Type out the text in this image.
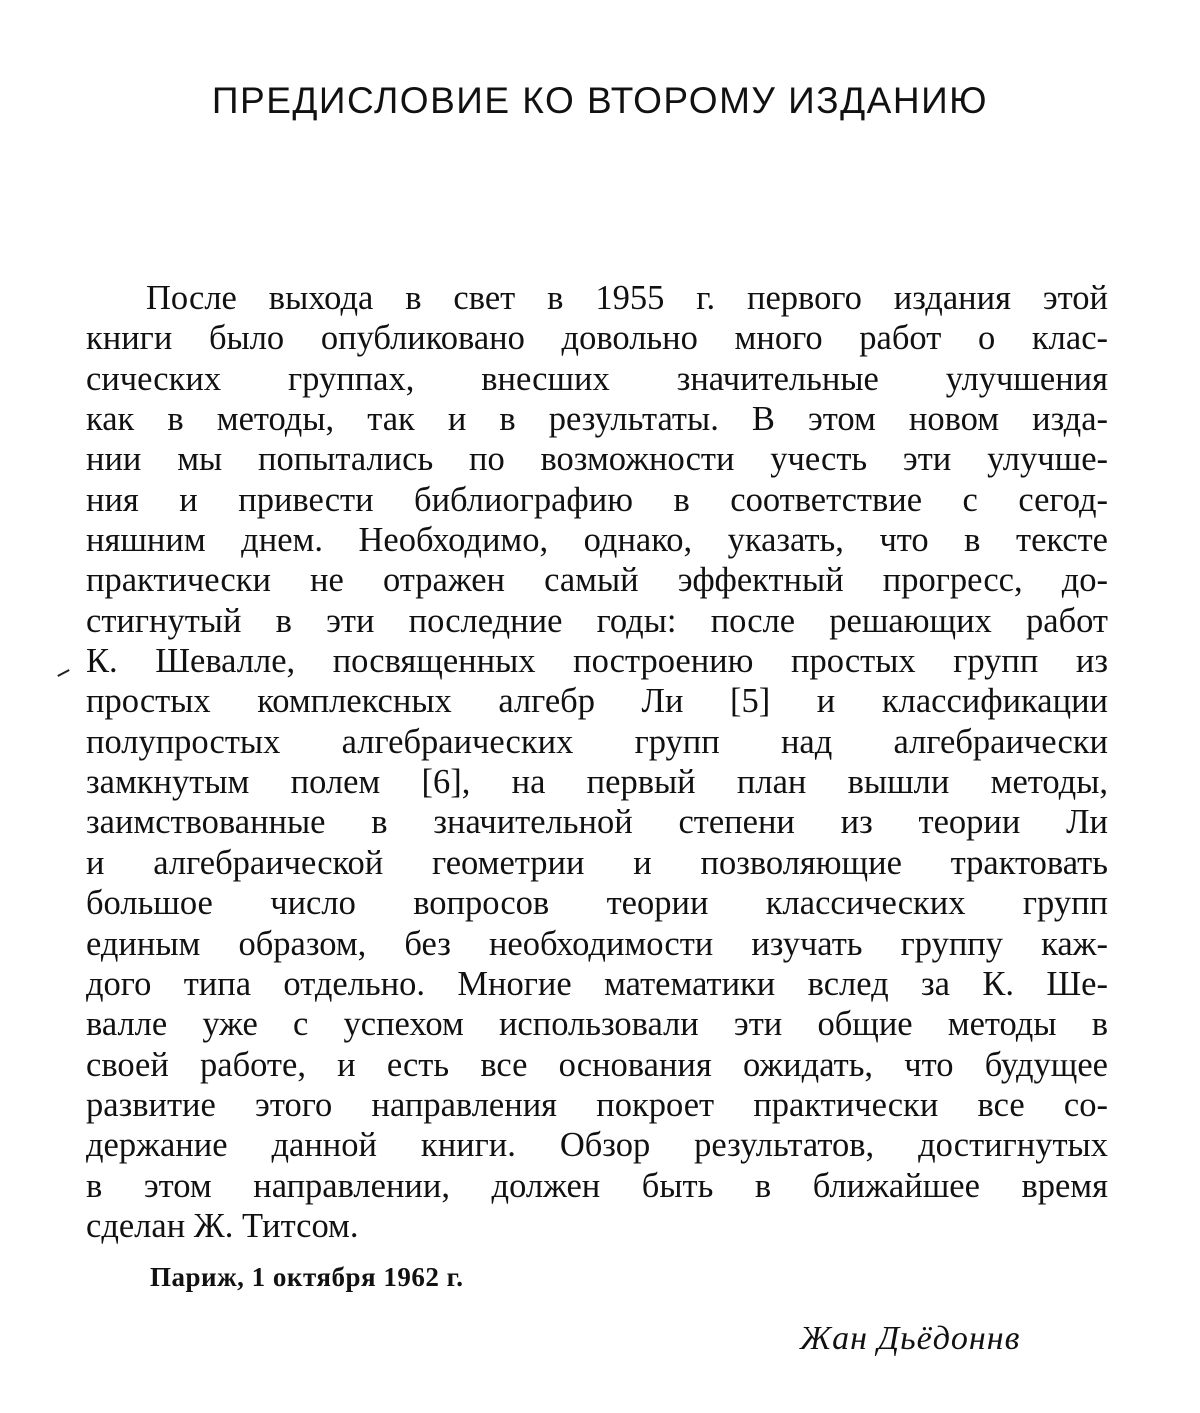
ПРЕДИСЛОВИЕ КО ВТОРОМУ ИЗДАНИЮ
После выхода в свет в 1955 г. первого издания этой
книги было опубликовано довольно много работ о клас-
сических группах, внесших значительные улучшения
как в методы, так и в результаты. В этом новом изда-
нии мы попытались по возможности учесть эти улучше-
ния и привести библиографию в соответствие с сегод-
няшним днем. Необходимо, однако, указать, что в тексте
практически не отражен самый эффектный прогресс, до-
стигнутый в эти последние годы: после решающих работ
К. Шевалле, посвященных построению простых групп из
простых комплексных алгебр Ли [5] и классификации
полупростых алгебраических групп над алгебраически
замкнутым полем [6], на первый план вышли методы,
заимствованные в значительной степени из теории Ли
и алгебраической геометрии и позволяющие трактовать
большое число вопросов теории классических групп
единым образом, без необходимости изучать группу каж-
дого типа отдельно. Многие математики вслед за К. Ше-
валле уже с успехом использовали эти общие методы в
своей работе, и есть все основания ожидать, что будущее
развитие этого направления покроет практически все со-
держание данной книги. Обзор результатов, достигнутых
в этом направлении, должен быть в ближайшее время
сделан Ж. Титсом.
Париж, 1 октября 1962 г.
Жан Дьёдоннв
